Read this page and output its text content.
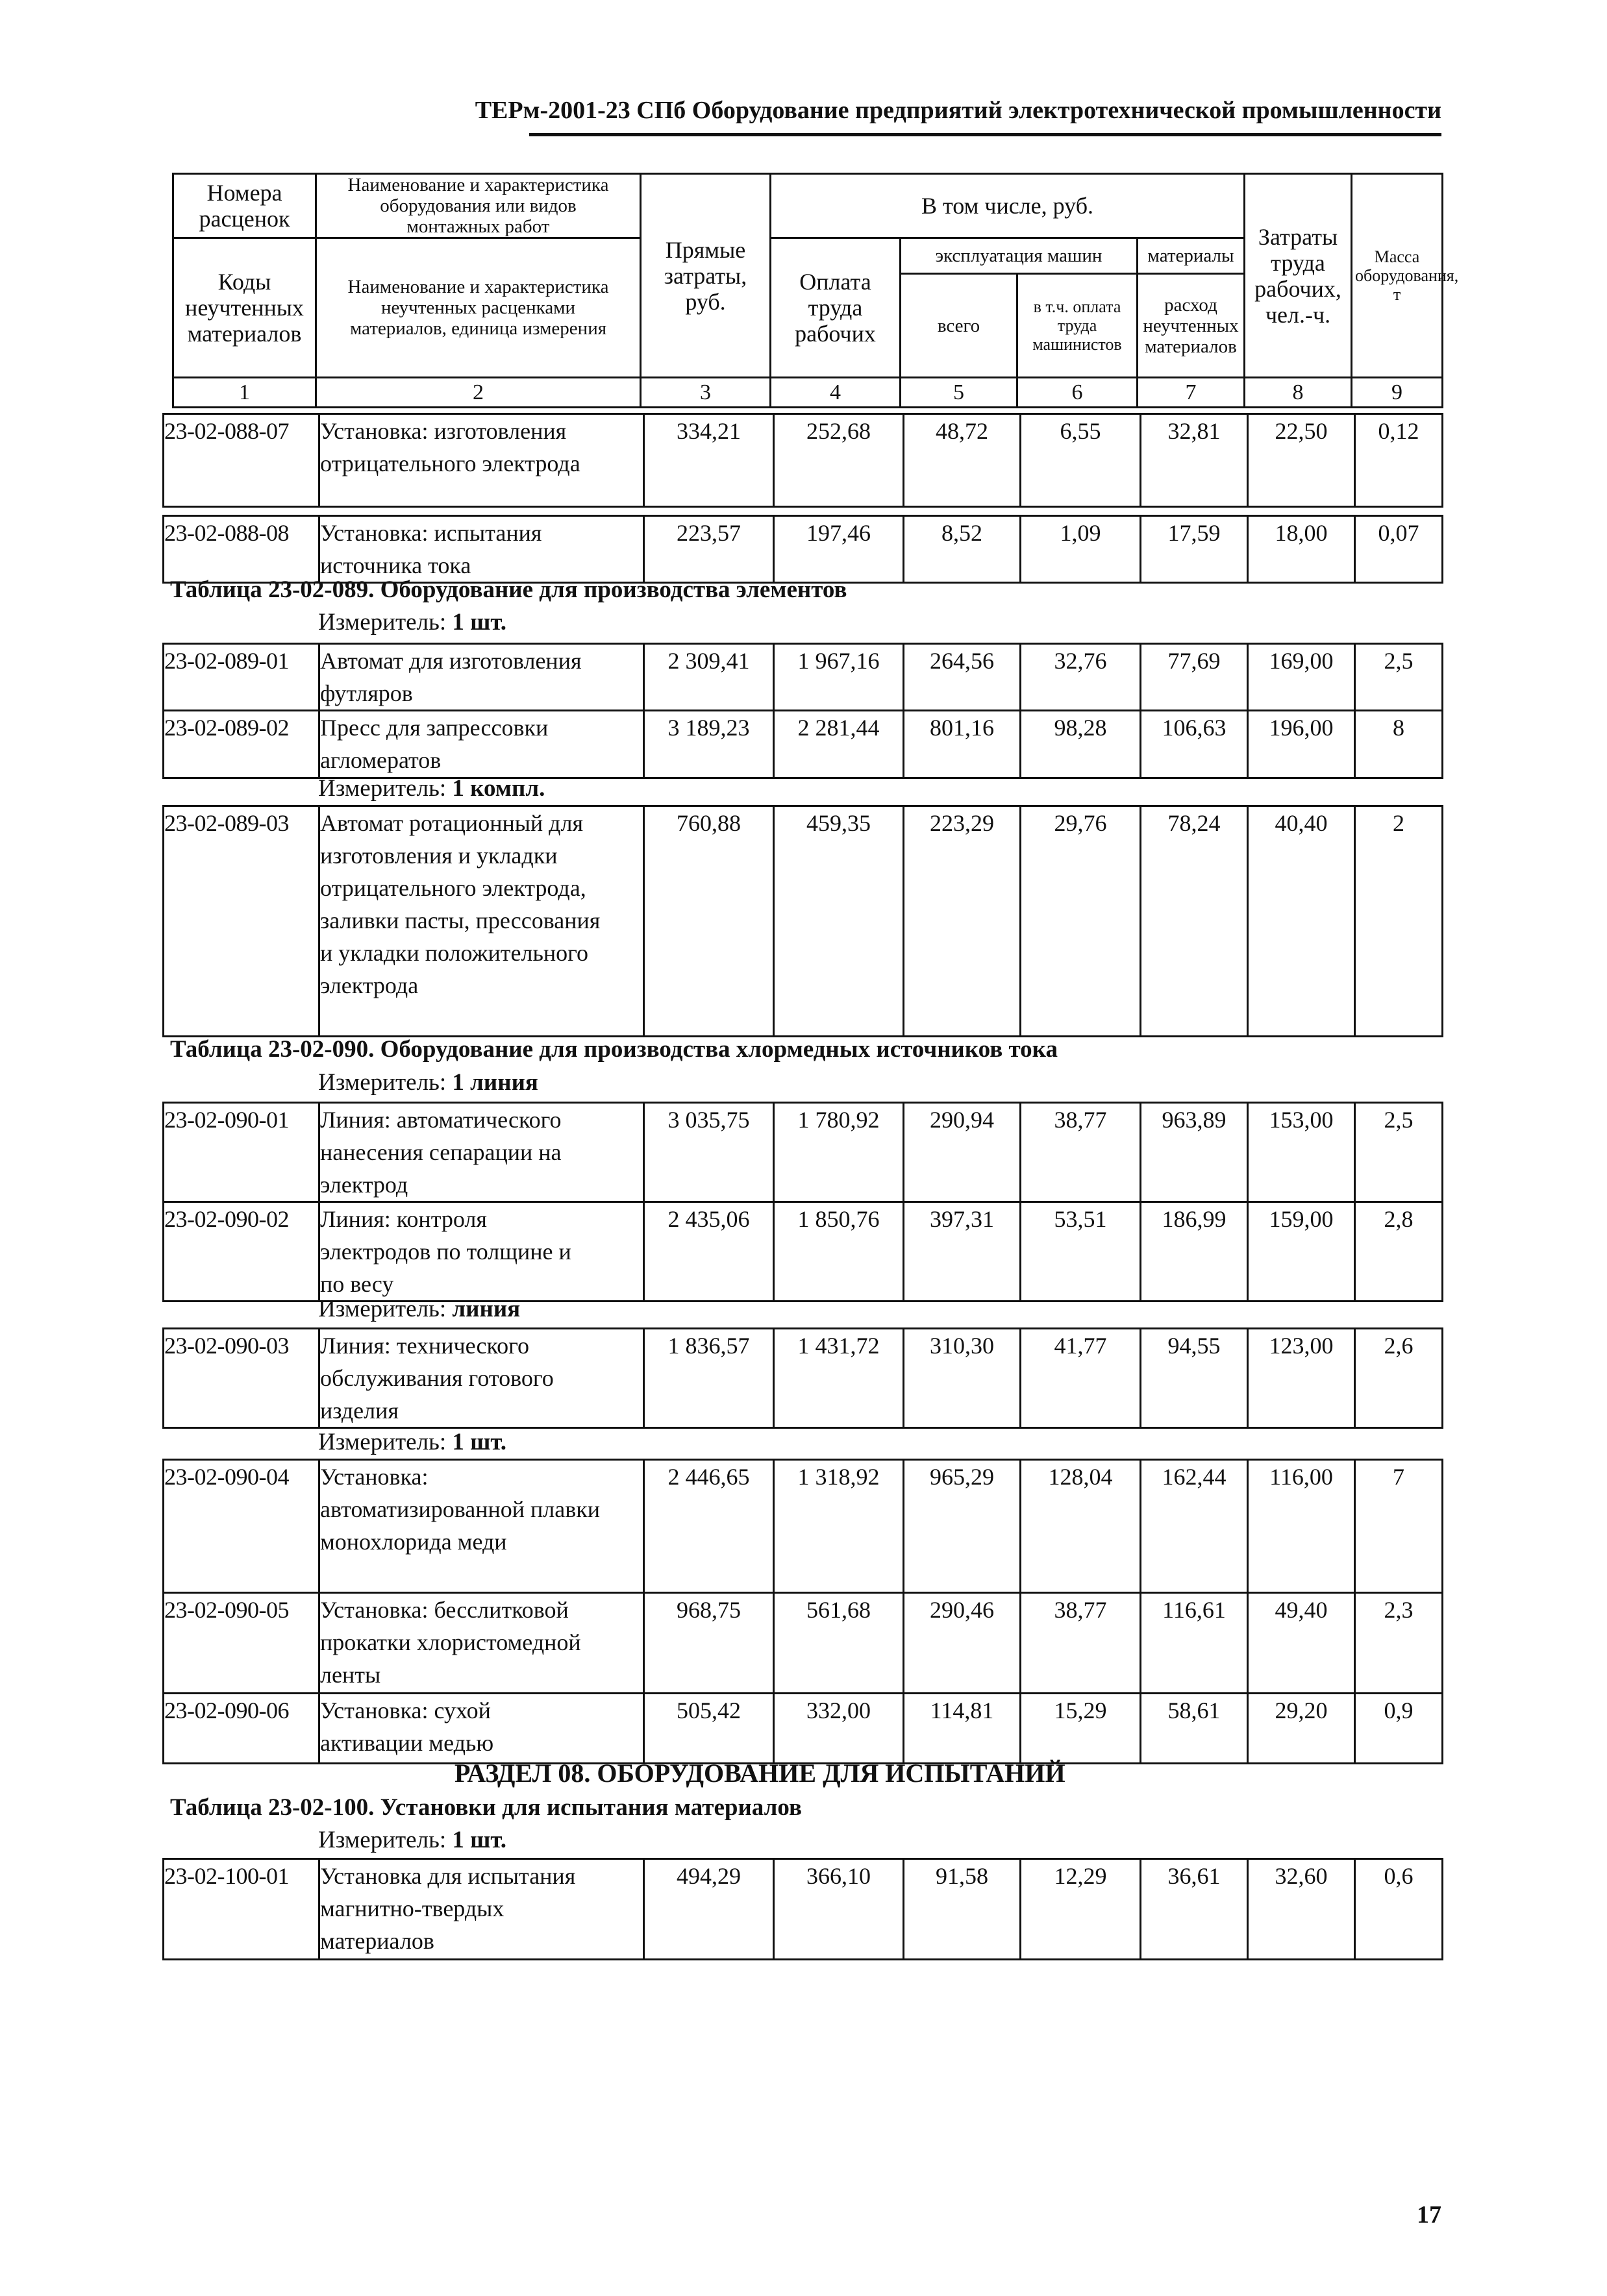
ТЕРм-2001-23 СПб Оборудование предприятий электротехнической промышленности
Номера расценок	Наименование и характеристика оборудования или видов монтажных работ	Прямые затраты, руб.	В том числе, руб.				Затраты труда рабочих, чел.-ч.	Масса оборудования, т
Коды неучтенных материалов	Наименование и характеристика неучтенных расценками материалов, единица измерения		Оплата труда рабочих	эксплуатация машин		материалы		
				всего	в т.ч. оплата труда машинистов	расход неучтенных материалов		
1	2	3	4	5	6	7	8	9
23-02-088-07	Установка: изготовления
отрицательного электрода
	334,21	252,68	48,72	6,55	32,81	22,50	0,12
23-02-088-08	Установка: испытания
источника тока
	223,57	197,46	8,52	1,09	17,59	18,00	0,07
Таблица 23-02-089. Оборудование для производства элементов
Измеритель: 1 шт.
23-02-089-01	Автомат для изготовления
футляров	2 309,41	1 967,16	264,56	32,76	77,69	169,00	2,5
23-02-089-02	Пресс для запрессовки
агломератов	3 189,23	2 281,44	801,16	98,28	106,63	196,00	8
Измеритель: 1 компл.
23-02-089-03	Автомат ротационный для
изготовления и укладки
отрицательного электрода,
заливки пасты, прессования
и укладки положительного
электрода
	760,88	459,35	223,29	29,76	78,24	40,40	2
Таблица 23-02-090. Оборудование для производства хлормедных источников тока
Измеритель: 1 линия
23-02-090-01	Линия: автоматического
нанесения сепарации на
электрод	3 035,75	1 780,92	290,94	38,77	963,89	153,00	2,5
23-02-090-02	Линия: контроля
электродов по толщине и
по весу	2 435,06	1 850,76	397,31	53,51	186,99	159,00	2,8
Измеритель: линия
23-02-090-03	Линия: технического
обслуживания готового
изделия
	1 836,57	1 431,72	310,30	41,77	94,55	123,00	2,6
Измеритель: 1 шт.
23-02-090-04	Установка:
автоматизированной плавки
монохлорида меди	2 446,65	1 318,92	965,29	128,04	162,44	116,00	7
23-02-090-05	Установка: бесслитковой
прокатки хлористомедной
ленты	968,75	561,68	290,46	38,77	116,61	49,40	2,3
23-02-090-06	Установка: сухой
активации медью	505,42	332,00	114,81	15,29	58,61	29,20	0,9
РАЗДЕЛ 08. ОБОРУДОВАНИЕ ДЛЯ ИСПЫТАНИЙ
Таблица 23-02-100. Установки для испытания материалов
Измеритель: 1 шт.
23-02-100-01	Установка для испытания
магнитно-твердых
материалов
	494,29	366,10	91,58	12,29	36,61	32,60	0,6
17
